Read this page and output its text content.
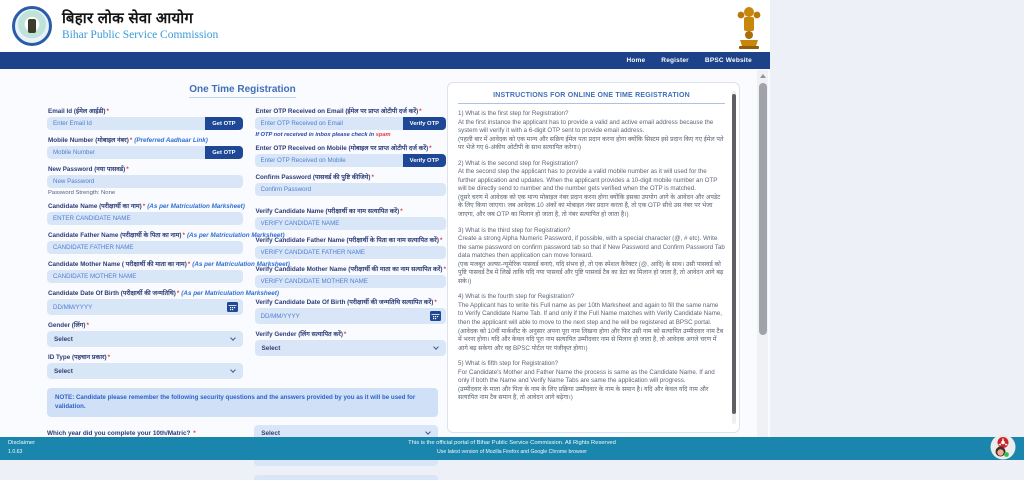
बिहार लोक सेवा आयोग
Bihar Public Service Commission
Home Register BPSC Website
One Time Registration
Email Id (ईमेल आईडी)*
Enter Email Id
Get OTP
Mobile Number (मोबाइल नंबर)* (Preferred Aadhaar Link)
Mobile Number
Get OTP
New Password (नया पासवर्ड)*
Password Strength: None
Candidate Name (परीक्षार्थी का नाम)* (As per Matriculation Marksheet)
ENTER CANDIDATE NAME
Candidate Father Name (परीक्षार्थी के पिता का नाम)* (As per Matriculation Marksheet)
CANDIDATE FATHER NAME
Candidate Mother Name ( परीक्षार्थी की माता का नाम)* (As per Matriculation Marksheet)
CANDIDATE MOTHER NAME
Candidate Date Of Birth (परीक्षार्थी की जन्मतिथि)* (As per Matriculation Marksheet)
DD/MM/YYYY
Gender (लिंग)*
Select
ID Type (पहचान प्रकार)*
Select
Enter OTP Received on Email (ईमेल पर प्राप्त ओटीपी दर्ज करें)*
Enter OTP Received on Email
Verify OTP
If OTP not received in inbox please check in spam
Enter OTP Received on Mobile (मोबाइल पर प्राप्त ओटीपी दर्ज करें)*
Enter OTP Received on Mobile
Verify OTP
Confirm Password (पासवर्ड की पुष्टि कीजिये)*
Verify Candidate Name (परीक्षार्थी का नाम सत्यापित करें)*
VERIFY CANDIDATE NAME
Verify Candidate Father Name (परीक्षार्थी के पिता का नाम सत्यापित करें)*
VERIFY CANDIDATE FATHER NAME
Verify Candidate Mother Name (परीक्षार्थी की माता का नाम सत्यापित करें)*
VERIFY CANDIDATE MOTHER NAME
Verify Candidate Date Of Birth (परीक्षार्थी की जन्मतिथि सत्यापित करें)*
DD/MM/YYYY
Verify Gender (लिंग सत्यापित करें)*
Select
NOTE: Candidate please remember the following security questions and the answers provided by you as it will be used for validation.
Which year did you complete your 10th/Matric? *	Select
INSTRUCTIONS FOR ONLINE ONE TIME REGISTRATION

1) What is the first step for Registration?

At the first instance the applicant has to provide a valid and active email address because the system will verify it with a 6-digit OTP sent to provide email address.

(पहली बार में आवेदक को एक मान्य और सक्रिय ईमेल पता प्रदान करना होगा क्योंकि सिस्टम इसे प्रदान किए गए ईमेल पते पर भेजे गए 6-अंकीय ओटीपी के साथ सत्यापित करेगा।)

2) What is the second step for Registration?

At the second step the applicant has to provide a valid mobile number as it will used for the further application and updates. When the applicant provides a 10-digit mobile number an OTP will be directly send to number and the number gets verified when the OTP is matched.

(दूसरे चरण में आवेदक को एक मान्य मोबाइल नंबर प्रदान करना होगा क्योंकि इसका उपयोग आगे के आवेदन और अपडेट के लिए किया जाएगा। जब आवेदक 10 अंकों का मोबाइल नंबर प्रदान करता है, तो एक OTP सीधे उस नंबर पर भेजा जाएगा, और जब OTP का मिलान हो जाता है, तो नंबर सत्यापित हो जाता है।)

3) What is the third step for Registration?

Create a strong Alpha Numeric Password, if possible, with a special character (@, # etc). Write the same password on confirm password tab so that if New Password and Confirm Password Tab data matches then application can move forward.

(एक मजबूत अल्फा-न्यूमेरिक पासवर्ड बनाएं, यदि संभव हो, तो एक स्पेशल कैरेक्टर (@, आदि) के साथ। उसी पासवर्ड को पुष्टि पासवर्ड टैब में लिखें ताकि यदि नया पासवर्ड और पुष्टि पासवर्ड टैब का डेटा का मिलान हो जाता है, तो आवेदन आगे बढ़ सके।)

4) What is the fourth step for Registration?

The Applicant has to write his Full name as per 10th Marksheet and again to fill the same name to Verify Candidate Name Tab. If and only if the Full Name matches with Verify Candidate Name, then the applicant will able to move to the next step and he will be registered at BPSC portal.

(आवेदक को 10वीं मार्कशीट के अनुसार अपना पूरा नाम लिखना होगा और फिर उसी नाम को सत्यापित उम्मीदवार नाम टैब में भरना होगा। यदि और केवल यदि पूरा नाम सत्यापित उम्मीदवार नाम से मिलान हो जाता है, तो आवेदक अगले चरण में आगे बढ़ सकेगा और वह BPSC पोर्टल पर पंजीकृत होगा।)

5) What is fifth step for Registration?

For Candidate's Mother and Father Name the process is same as the Candidate Name. If and only if both the Name and Verify Name Tabs are same the application will progress.

(उम्मीदवार के माता और पिता के नाम के लिए प्रक्रिया उम्मीदवार के नाम के समान है। यदि और केवल यदि नाम और सत्यापित नाम टैब समान है, तो आवेदन आगे बढ़ेगा।)

Disclaimer
1.0.63
This is the official portal of Bihar Public Service Commission. All Rights Reserved
Use latest version of Mozilla Firefox and Google Chrome browser
